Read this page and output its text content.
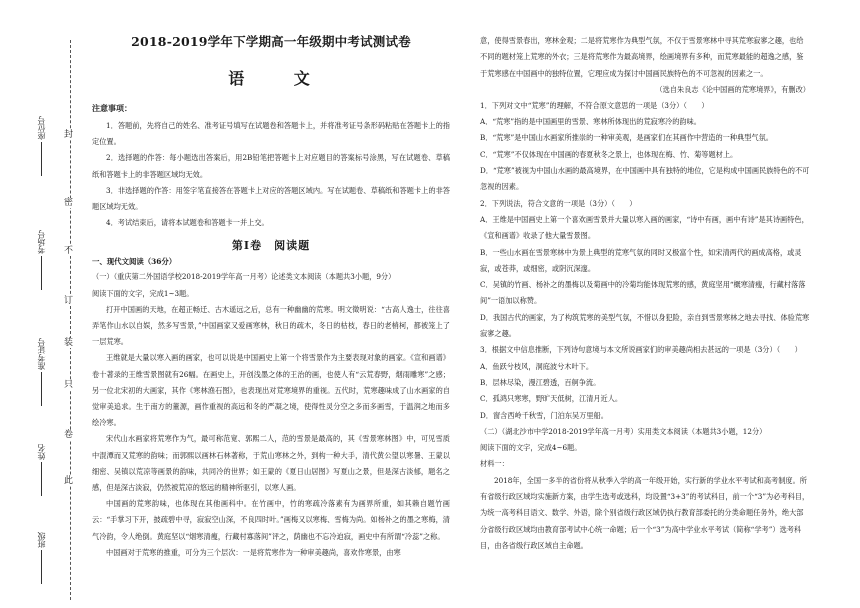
封
密
不
订
装
只
卷
此
座位号
考场号
准考证号
姓名
班级
2018-2019学年下学期高一年级期中考试测试卷
语 文
注意事项：

1．答题前，先将自己的姓名、准考证号填写在试题卷和答题卡上，并将准考证号条形码粘贴在答题卡上的指定位置。

2．选择题的作答：每小题选出答案后，用2B铅笔把答题卡上对应题目的答案标号涂黑，写在试题卷、草稿纸和答题卡上的非答题区域均无效。

3．非选择题的作答：用签字笔直接答在答题卡上对应的答题区域内。写在试题卷、草稿纸和答题卡上的非答题区域均无效。

4．考试结束后，请将本试题卷和答题卡一并上交。

第Ⅰ卷　阅读题
一、现代文阅读（36分）

（一）（重庆第二外国语学校2018-2019学年高一月考）论述类文本阅读（本题共3小题，9分）

阅读下面的文字，完成1~3题。

打开中国画的天地，在超正畅迁、古木遥远之后，总有一种幽幽的荒寒。明文徵明说：“古高人逸士，往往喜弄笔作山水以自娱，然多写雪景，”中国画家又爱画寒林，秋日的疏木，冬日的枯枝，春日的老梢柯，都被笼上了一层荒寒。

王维就是大量以寒入画的画家，也可以说是中国画史上第一个将雪景作为主要表现对象的画家。《宣和画谱》卷十著录的王维雪景图就有26幅。在画史上，开创浅墨之体的王治的画，也使人有“云荒春野，烟雨雕寒”之感；另一位北宋初的大画家，其作《寒林渔石图》，也表现出对荒寒境界的重视。五代时，荒寒趣味成了山水画家的自觉审美追求。生于南方的董源，画作重视的高远和冬的严凝之境，使得性灵分空之多而多画雪，于温润之地而多绘冷寒。

宋代山水画家将荒寒作为气，最可称范宽、郭熙二人，范的雪景是最高的，其《雪景寒林图》中，可见雪质中混潭而又荒寒的韵味；而郭熙以画林石林著称，于荒山寒林之外，到构一种大手，清代黄公望以寒暑、王蒙以细密、吴镇以荒凉等画景的韵味，共同冷的世界；如王蒙的《夏日山居图》写夏山之景，但是深古淡郁，题名之感，但是深古淡寂，仍然被荒凉的悠远的精神所驱引，以寒人画。

中国画的荒寒韵味，也体现在其他画科中。在竹画中，竹的寒疏冷落素有为画界所重，如其赖自题竹画云：“手掌习下开，披疏碧中寻，寂寂空山深，不良四时叶。”画梅又以寒梅、雪梅为尚。如杨补之的墨之寒梅，清气冷韵，令人绝倒。黄庭坚以“烟寒清瘦，行藏村寡落间”评之，荫幽也不忘冷迫寂，画史中有所谓“冷蕊”之称。

中国画对于荒寒的推重，可分为三个层次：一是将荒寒作为一种审美趣尚，喜欢作寒景，由寒

意，使得雪景春出，寒林金观；二是将荒寒作为典型气氛，不仅于雪景寒林中寻其荒寒寂寥之趣，也给不同的题材笼上荒寒的外衣；三是将荒寒作为最高境界，绘画境界有多种，而荒寒最能的超逸之感，鉴于荒寒感在中国画中的独特位置，它理应成为探讨中国画民族特色的不可忽视的因素之一。

（选自朱良志《论中国画的荒寒境界》，有删改）

1．下列对文中“荒寒”的理解，不符合原文意思的一项是（3分）（　　）

A．“荒寒”指的是中国画里的雪景、寒林所体现出的荒寂寒冷的韵味。

B．“荒寒”是中国山水画家所推崇的一种审美观，是画家们在其画作中营造的一种典型气氛。

C．“荒寒”不仅体现在中国画的春夏秋冬之景上，也体现在梅、竹、菊等题材上。

D．“荒寒”被视为中国山水画的最高境界，在中国画中具有独特的地位，它是构成中国画民族特色的不可忽视的因素。

2．下列说法，符合文意的一项是（3分）（　　）

A．王维是中国画史上第一个喜欢画雪景并大量以寒入画的画家，“诗中有画，画中有诗”是其诗画特色，《宣和画谱》收录了他大量雪景图。

B．一些山水画在雪景寒林中为景上典型的荒寒气氛的同时又极富个性，如宋清两代的画成高格，或灵寂，或苍莽，或细密，或阴沉深邃。

C．吴镇的竹画、杨补之的墨梅以及菊画中的冷菊均能体现荒寒的感，黄庭坚用“概寒清瘦，行藏村落落间”一语加以称赞。

D．我国古代的画家，为了构筑荒寒的美型气氛，不惜以身犯险，亲自到雪景寒林之地去寻找、体验荒寒寂寥之趣。

3．根据文中信息推断，下列诗句意境与本文所说画家们的审美趣尚相去甚远的一项是（3分）（　　）

A．鱼跃兮枝风，洞庭波兮木叶下。

B．层林尽染，漫江碧透，百舸争流。

C．孤鸿只寒寒，野旷天低树，江清月近人。

D．窗含西岭千秋雪，门泊东吴万里船。

（二）（湖北沙市中学2018-2019学年高一月考）实用类文本阅读（本题共3小题，12分）

阅读下面的文字，完成4~6题。

材料一：

2018年，全国一多半的省份将从秋季入学的高一年级开始，实行新的学业水平考试和高考制度。所有省级行政区域均实施新方案，由学生选考或选科，均设置“3+3”的考试科目，前一个“3”为必考科目，为统一高考科目语文、数学、外语，除个别省级行政区域仍执行教育部委托的分类命题任务外，绝大部分省级行政区域均由教育部考试中心统一命题；后一个“3”为高中学业水平考试（简称“学考”）选考科目，由各省级行政区域自主命题。
